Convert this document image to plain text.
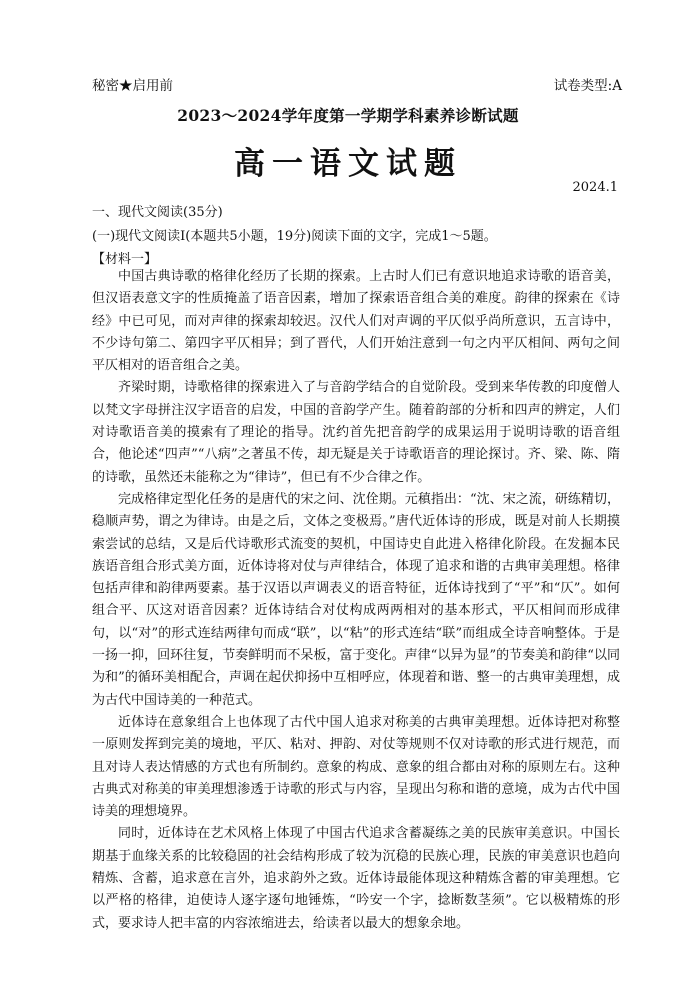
秘密★启用前	试卷类型:A
2023～2024学年度第一学期学科素养诊断试题
高一语文试题
2024.1
一、现代文阅读(35分)
(一)现代文阅读Ⅰ(本题共5小题，19分)阅读下面的文字，完成1～5题。
【材料一】

中国古典诗歌的格律化经历了长期的探索。上古时人们已有意识地追求诗歌的语音美，但汉语表意文字的性质掩盖了语音因素，增加了探索语音组合美的难度。韵律的探索在《诗经》中已可见，而对声律的探索却较迟。汉代人们对声调的平仄似乎尚所意识，五言诗中，不少诗句第二、第四字平仄相异；到了晋代，人们开始注意到一句之内平仄相间、两句之间平仄相对的语音组合之美。

齐梁时期，诗歌格律的探索进入了与音韵学结合的自觉阶段。受到来华传教的印度僧人以梵文字母拼注汉字语音的启发，中国的音韵学产生。随着韵部的分析和四声的辨定，人们对诗歌语音美的摸索有了理论的指导。沈约首先把音韵学的成果运用于说明诗歌的语音组合，他论述“四声”“八病”之著虽不传，却无疑是关于诗歌语音的理论探讨。齐、梁、陈、隋的诗歌，虽然还未能称之为“律诗”，但已有不少合律之作。

完成格律定型化任务的是唐代的宋之问、沈佺期。元稹指出：“沈、宋之流，研练精切，稳顺声势，谓之为律诗。由是之后，文体之变极焉。”唐代近体诗的形成，既是对前人长期摸索尝试的总结，又是后代诗歌形式流变的契机，中国诗史自此进入格律化阶段。在发掘本民族语音组合形式美方面，近体诗将对仗与声律结合，体现了追求和谐的古典审美理想。格律包括声律和韵律两要素。基于汉语以声调表义的语音特征，近体诗找到了“平”和“仄”。如何组合平、仄这对语音因素？近体诗结合对仗构成两两相对的基本形式，平仄相间而形成律句，以“对”的形式连结两律句而成“联”，以“粘”的形式连结“联”而组成全诗音响整体。于是一扬一抑，回环往复，节奏鲜明而不呆板，富于变化。声律“以异为显”的节奏美和韵律“以同为和”的循环美相配合，声调在起伏抑扬中互相呼应，体现着和谐、整一的古典审美理想，成为古代中国诗美的一种范式。

近体诗在意象组合上也体现了古代中国人追求对称美的古典审美理想。近体诗把对称整一原则发挥到完美的境地，平仄、粘对、押韵、对仗等规则不仅对诗歌的形式进行规范，而且对诗人表达情感的方式也有所制约。意象的构成、意象的组合都由对称的原则左右。这种古典式对称美的审美理想渗透于诗歌的形式与内容，呈现出匀称和谐的意境，成为古代中国诗美的理想境界。

同时，近体诗在艺术风格上体现了中国古代追求含蓄凝练之美的民族审美意识。中国长期基于血缘关系的比较稳固的社会结构形成了较为沉稳的民族心理，民族的审美意识也趋向精炼、含蓄，追求意在言外，追求韵外之致。近体诗最能体现这种精炼含蓄的审美理想。它以严格的格律，迫使诗人逐字逐句地锤炼，“吟安一个字，捻断数茎须”。它以极精炼的形式，要求诗人把丰富的内容浓缩进去，给读者以最大的想象余地。
